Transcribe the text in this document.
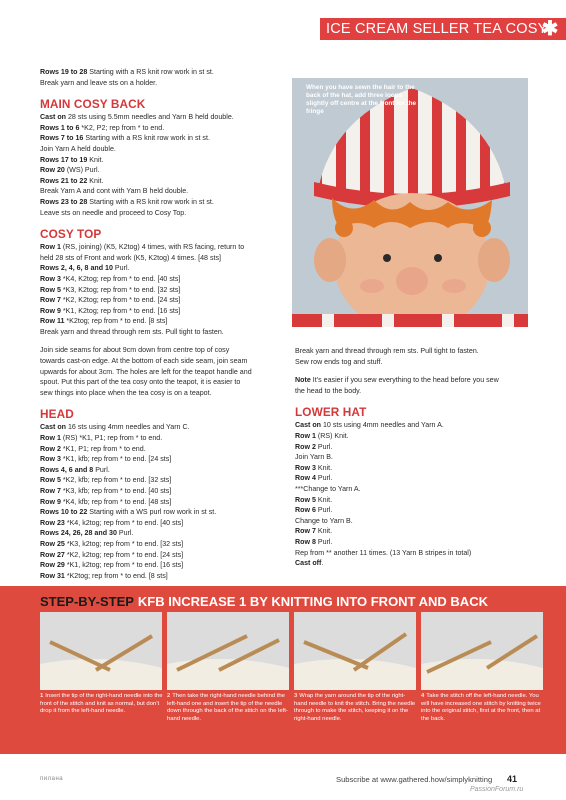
ICE CREAM SELLER TEA COSY
✱
Rows 19 to 28 Starting with a RS knit row work in st st.
Break yarn and leave sts on a holder.
MAIN COSY BACK
Cast on 28 sts using 5.5mm needles and Yarn B held double.
Rows 1 to 6 *K2, P2; rep from * to end.
Rows 7 to 16 Starting with a RS knit row work in st st.
Join Yarn A held double.
Rows 17 to 19 Knit.
Row 20 (WS) Purl.
Rows 21 to 22 Knit.
Break Yarn A and cont with Yarn B held double.
Rows 23 to 28 Starting with a RS knit row work in st st.
Leave sts on needle and proceed to Cosy Top.
COSY TOP
Row 1 (RS, joining) (K5, K2tog) 4 times, with RS facing, return to
held 28 sts of Front and work (K5, K2tog) 4 times. [48 sts]
Rows 2, 4, 6, 8 and 10 Purl.
Row 3 *K4, K2tog; rep from * to end. [40 sts]
Row 5 *K3, K2tog; rep from * to end. [32 sts]
Row 7 *K2, K2tog; rep from * to end. [24 sts]
Row 9 *K1, K2tog; rep from * to end. [16 sts]
Row 11 *K2tog; rep from * to end. [8 sts]
Break yarn and thread through rem sts. Pull tight to fasten.
Join side seams for about 9cm down from centre top of cosy
towards cast-on edge. At the bottom of each side seam, join seam
upwards for about 3cm. The holes are left for the teapot handle and
spout. Put this part of the tea cosy onto the teapot, it is easier to
sew things into place when the tea cosy is on a teapot.
HEAD
Cast on 16 sts using 4mm needles and Yarn C.
Row 1 (RS) *K1, P1; rep from * to end.
Row 2 *K1, P1; rep from * to end.
Row 3 *K1, kfb; rep from * to end. [24 sts]
Rows 4, 6 and 8 Purl.
Row 5 *K2, kfb; rep from * to end. [32 sts]
Row 7 *K3, kfb; rep from * to end. [40 sts]
Row 9 *K4, kfb; rep from * to end. [48 sts]
Rows 10 to 22 Starting with a WS purl row work in st st.
Row 23 *K4, k2tog; rep from * to end. [40 sts]
Rows 24, 26, 28 and 30 Purl.
Row 25 *K3, k2tog; rep from * to end. [32 sts]
Row 27 *K2, k2tog; rep from * to end. [24 sts]
Row 29 *K1, k2tog; rep from * to end. [16 sts]
Row 31 *K2tog; rep from * to end. [8 sts]
When you have sewn the hair to the back of the hat, add three loops slightly off centre at the front for the fringe
Break yarn and thread through rem sts. Pull tight to fasten.
Sew row ends tog and stuff.
Note It’s easier if you sew everything to the head before you sew
the head to the body.
LOWER HAT
Cast on 10 sts using 4mm needles and Yarn A.
Row 1 (RS) Knit.
Row 2 Purl.
Join Yarn B.
Row 3 Knit.
Row 4 Purl.
***Change to Yarn A.
Row 5 Knit.
Row 6 Purl.
Change to Yarn B.
Row 7 Knit.
Row 8 Purl.
Rep from ** another 11 times. (13 Yarn B stripes in total)
Cast off.
STEP-BY-STEP KFB INCREASE 1 BY KNITTING INTO FRONT AND BACK
1 Insert the tip of the right-hand needle into the front of the stitch and knit as normal, but don’t drop it from the left-hand needle.
2 Then take the right-hand needle behind the left-hand one and insert the tip of the needle down through the back of the stitch on the left-hand needle.
3 Wrap the yarn around the tip of the right-hand needle to knit the stitch. Bring the needle through to make the stitch, keeping it on the right-hand needle.
4 Take the stitch off the left-hand needle. You will have increased one stitch by knitting twice into the original stitch, first at the front, then at the back.
пилана	Subscribe at www.gathered.how/simplyknitting 41
PassionForum.ru
